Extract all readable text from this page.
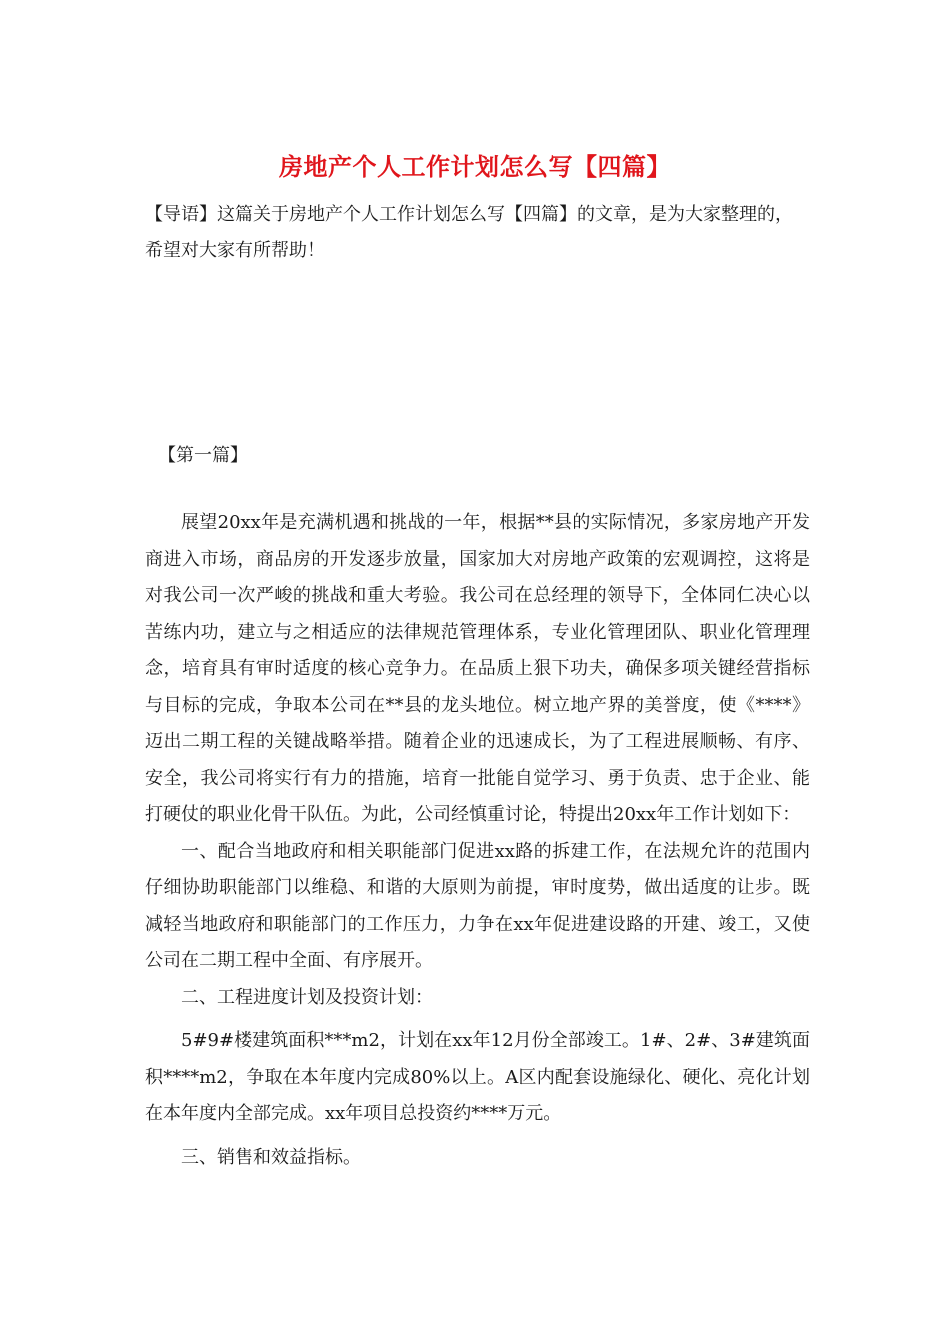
房地产个人工作计划怎么写【四篇】

【导语】这篇关于房地产个人工作计划怎么写【四篇】的文章，是为大家整理的，希望对大家有所帮助！

【第一篇】

展望20xx年是充满机遇和挑战的一年，根据**县的实际情况，多家房地产开发商进入市场，商品房的开发逐步放量，国家加大对房地产政策的宏观调控，这将是对我公司一次严峻的挑战和重大考验。我公司在总经理的领导下，全体同仁决心以苦练内功，建立与之相适应的法律规范管理体系，专业化管理团队、职业化管理理念，培育具有审时适度的核心竞争力。在品质上狠下功夫，确保多项关键经营指标与目标的完成，争取本公司在**县的龙头地位。树立地产界的美誉度，使《****》迈出二期工程的关键战略举措。随着企业的迅速成长，为了工程进展顺畅、有序、安全，我公司将实行有力的措施，培育一批能自觉学习、勇于负责、忠于企业、能打硬仗的职业化骨干队伍。为此，公司经慎重讨论，特提出20xx年工作计划如下：

一、配合当地政府和相关职能部门促进xx路的拆建工作，在法规允许的范围内仔细协助职能部门以维稳、和谐的大原则为前提，审时度势，做出适度的让步。既减轻当地政府和职能部门的工作压力，力争在xx年促进建设路的开建、竣工，又使公司在二期工程中全面、有序展开。

二、工程进度计划及投资计划：

5#9#楼建筑面积***m2，计划在xx年12月份全部竣工。1#、2#、3#建筑面积****m2，争取在本年度内完成80%以上。A区内配套设施绿化、硬化、亮化计划在本年度内全部完成。xx年项目总投资约****万元。

三、销售和效益指标。
